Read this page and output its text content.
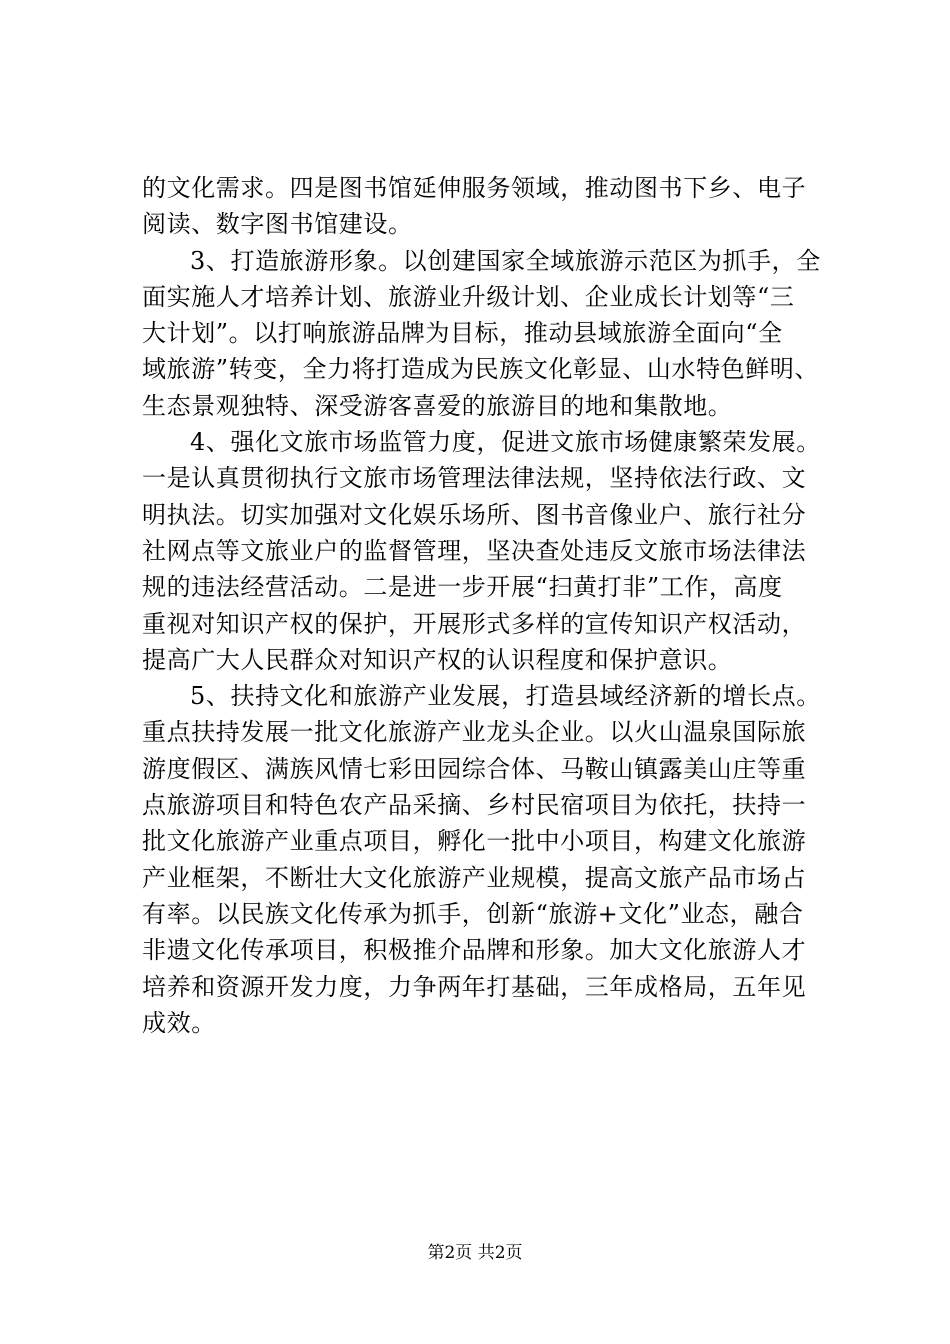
的文化需求。四是图书馆延伸服务领域，推动图书下乡、电子
阅读、数字图书馆建设。
3、打造旅游形象。以创建国家全域旅游示范区为抓手，全
面实施人才培养计划、旅游业升级计划、企业成长计划等“三
大计划”。以打响旅游品牌为目标，推动县域旅游全面向“全
域旅游”转变，全力将打造成为民族文化彰显、山水特色鲜明、
生态景观独特、深受游客喜爱的旅游目的地和集散地。
4、强化文旅市场监管力度，促进文旅市场健康繁荣发展。
一是认真贯彻执行文旅市场管理法律法规，坚持依法行政、文
明执法。切实加强对文化娱乐场所、图书音像业户、旅行社分
社网点等文旅业户的监督管理，坚决查处违反文旅市场法律法
规的违法经营活动。二是进一步开展“扫黄打非”工作，高度
重视对知识产权的保护，开展形式多样的宣传知识产权活动，
提高广大人民群众对知识产权的认识程度和保护意识。
5、扶持文化和旅游产业发展，打造县域经济新的增长点。
重点扶持发展一批文化旅游产业龙头企业。以火山温泉国际旅
游度假区、满族风情七彩田园综合体、马鞍山镇露美山庄等重
点旅游项目和特色农产品采摘、乡村民宿项目为依托，扶持一
批文化旅游产业重点项目，孵化一批中小项目，构建文化旅游
产业框架，不断壮大文化旅游产业规模，提高文旅产品市场占
有率。以民族文化传承为抓手，创新“旅游+文化”业态，融合
非遗文化传承项目，积极推介品牌和形象。加大文化旅游人才
培养和资源开发力度，力争两年打基础，三年成格局，五年见
成效。
第2页 共2页
